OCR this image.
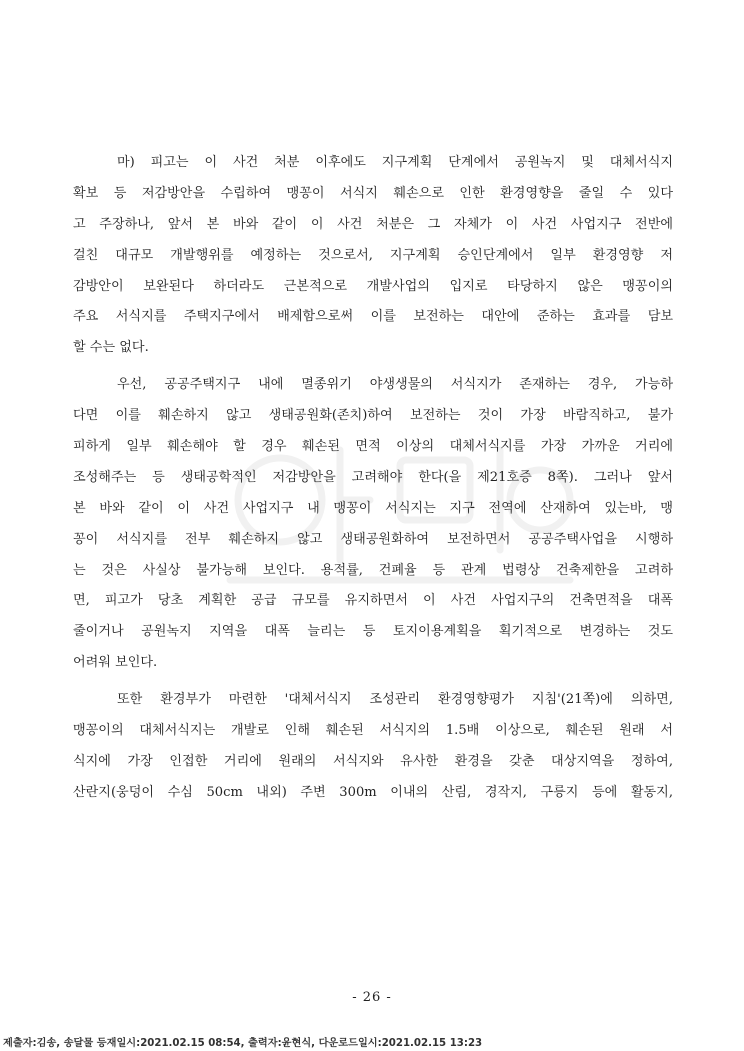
마) 피고는 이 사건 처분 이후에도 지구계획 단계에서 공원녹지 및 대체서식지
확보 등 저감방안을 수립하여 맹꽁이 서식지 훼손으로 인한 환경영향을 줄일 수 있다
고 주장하나, 앞서 본 바와 같이 이 사건 처분은 그 자체가 이 사건 사업지구 전반에
걸친 대규모 개발행위를 예정하는 것으로서, 지구계획 승인단계에서 일부 환경영향 저
감방안이 보완된다 하더라도 근본적으로 개발사업의 입지로 타당하지 않은 맹꽁이의
주요 서식지를 주택지구에서 배제함으로써 이를 보전하는 대안에 준하는 효과를 담보
할 수는 없다.
우선, 공공주택지구 내에 멸종위기 야생생물의 서식지가 존재하는 경우, 가능하
다면 이를 훼손하지 않고 생태공원화(존치)하여 보전하는 것이 가장 바람직하고, 불가
피하게 일부 훼손해야 할 경우 훼손된 면적 이상의 대체서식지를 가장 가까운 거리에
조성해주는 등 생태공학적인 저감방안을 고려해야 한다(을 제21호증 8쪽). 그러나 앞서
본 바와 같이 이 사건 사업지구 내 맹꽁이 서식지는 지구 전역에 산재하여 있는바, 맹
꽁이 서식지를 전부 훼손하지 않고 생태공원화하여 보전하면서 공공주택사업을 시행하
는 것은 사실상 불가능해 보인다. 용적률, 건폐율 등 관계 법령상 건축제한을 고려하
면, 피고가 당초 계획한 공급 규모를 유지하면서 이 사건 사업지구의 건축면적을 대폭
줄이거나 공원녹지 지역을 대폭 늘리는 등 토지이용계획을 획기적으로 변경하는 것도
어려워 보인다.
또한 환경부가 마련한 '대체서식지 조성관리 환경영향평가 지침'(21쪽)에 의하면,
맹꽁이의 대체서식지는 개발로 인해 훼손된 서식지의 1.5배 이상으로, 훼손된 원래 서
식지에 가장 인접한 거리에 원래의 서식지와 유사한 환경을 갖춘 대상지역을 정하여,
산란지(웅덩이 수심 50cm 내외) 주변 300m 이내의 산림, 경작지, 구릉지 등에 활동지,
- 26 -
제출자:김송, 송달물 등재일시:2021.02.15 08:54, 출력자:윤현식, 다운로드일시:2021.02.15 13:23
